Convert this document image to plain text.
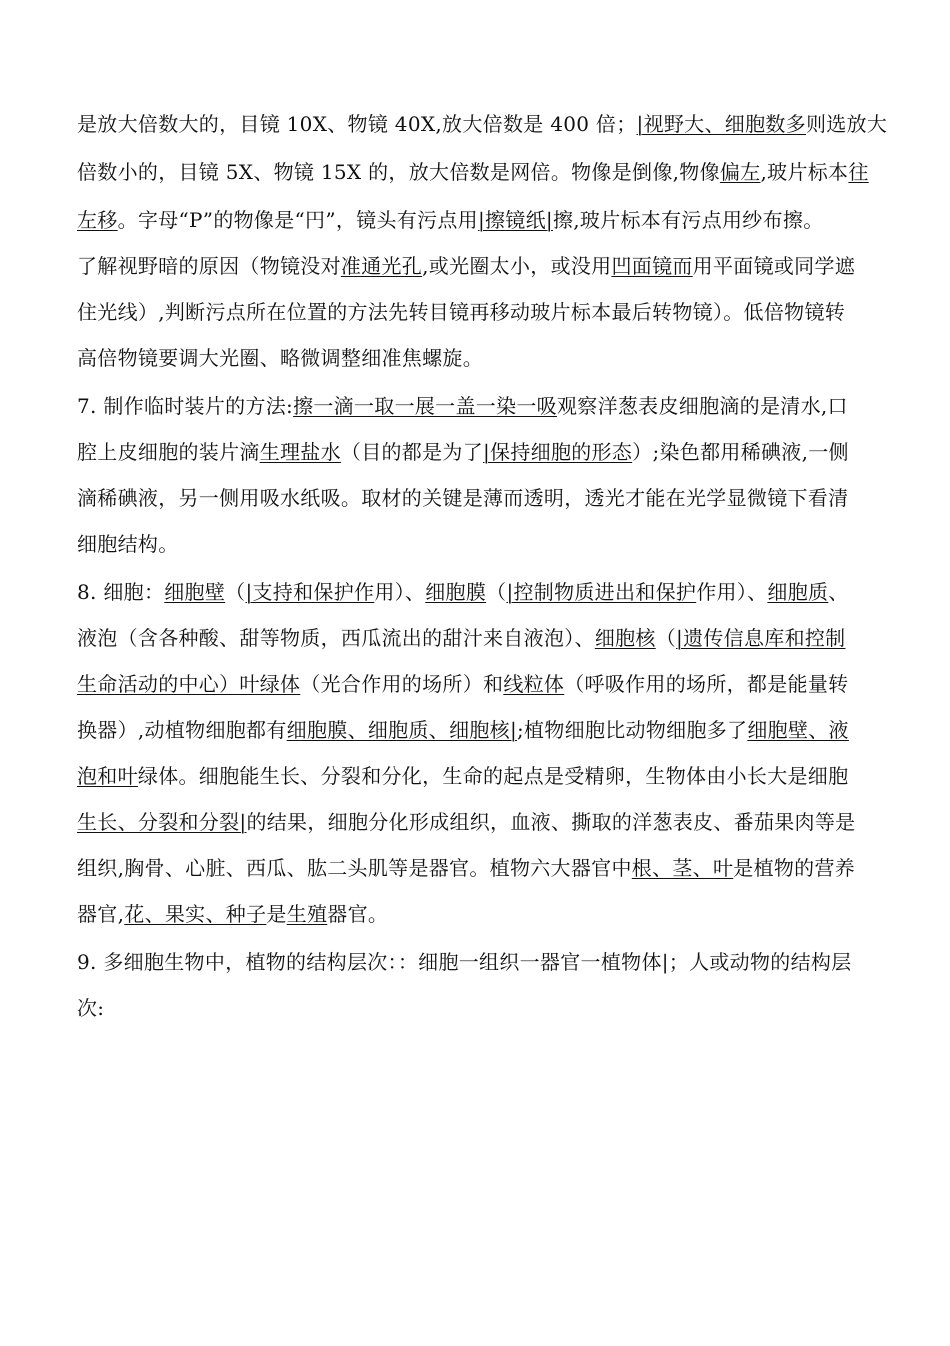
是放大倍数大的，目镜 10X、物镜 40X,放大倍数是 400 倍；|视野大、细胞数多则选放大
倍数小的，目镜 5X、物镜 15X 的，放大倍数是网倍。物像是倒像,物像偏左,玻片标本往
左移。字母“P”的物像是“円”，镜头有污点用|擦镜纸|擦,玻片标本有污点用纱布擦。
了解视野暗的原因（物镜没对准通光孔,或光圈太小，或没用凹面镜而用平面镜或同学遮
住光线）,判断污点所在位置的方法先转目镜再移动玻片标本最后转物镜）。低倍物镜转
高倍物镜要调大光圈、略微调整细准焦螺旋。
7. 制作临时装片的方法:擦一滴一取一展一盖一染一吸观察洋葱表皮细胞滴的是清水,口
腔上皮细胞的装片滴生理盐水（目的都是为了|保持细胞的形态）;染色都用稀碘液,一侧
滴稀碘液，另一侧用吸水纸吸。取材的关键是薄而透明，透光才能在光学显微镜下看清
细胞结构。
8. 细胞：细胞壁（|支持和保护作用）、细胞膜（|控制物质进出和保护作用）、细胞质、
液泡（含各种酸、甜等物质，西瓜流出的甜汁来自液泡）、细胞核（|遗传信息库和控制
生命活动的中心）叶绿体（光合作用的场所）和线粒体（呼吸作用的场所，都是能量转
换器）,动植物细胞都有细胞膜、细胞质、细胞核|;植物细胞比动物细胞多了细胞壁、液
泡和叶绿体。细胞能生长、分裂和分化，生命的起点是受精卵，生物体由小长大是细胞
生长、分裂和分裂|的结果，细胞分化形成组织，血液、撕取的洋葱表皮、番茄果肉等是
组织,胸骨、心脏、西瓜、肱二头肌等是器官。植物六大器官中根、茎、叶是植物的营养
器官,花、果实、种子是生殖器官。
9. 多细胞生物中，植物的结构层次：：细胞一组织一器官一植物体|；人或动物的结构层
次:
